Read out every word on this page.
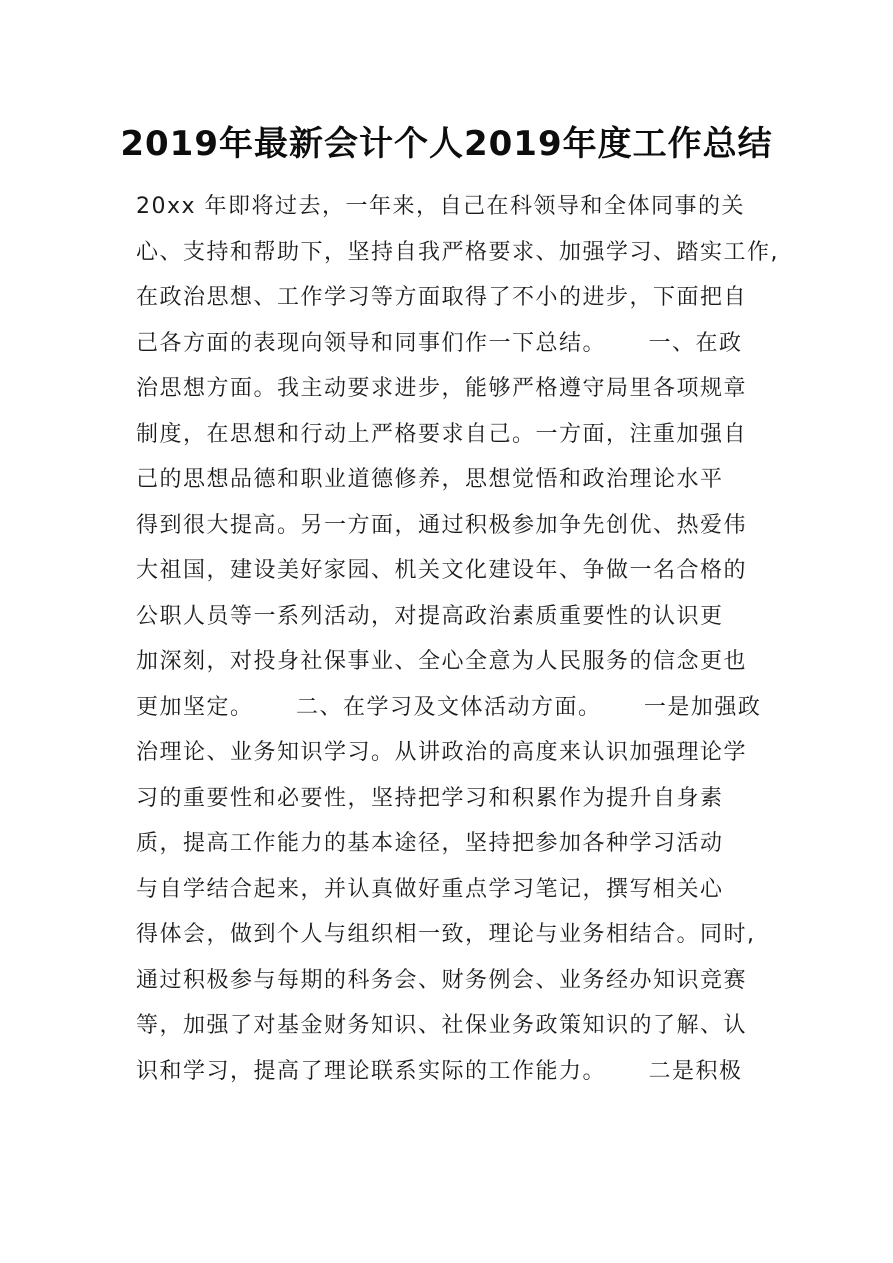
2019年最新会计个人2019年度工作总结
20xx 年即将过去，一年来，自己在科领导和全体同事的关
心、支持和帮助下，坚持自我严格要求、加强学习、踏实工作,
在政治思想、工作学习等方面取得了不小的进步，下面把自
己各方面的表现向领导和同事们作一下总结。     一、在政
治思想方面。我主动要求进步，能够严格遵守局里各项规章
制度，在思想和行动上严格要求自己。一方面，注重加强自
己的思想品德和职业道德修养，思想觉悟和政治理论水平
得到很大提高。另一方面，通过积极参加争先创优、热爱伟
大祖国，建设美好家园、机关文化建设年、争做一名合格的
公职人员等一系列活动，对提高政治素质重要性的认识更
加深刻，对投身社保事业、全心全意为人民服务的信念更也
更加坚定。     二、在学习及文体活动方面。     一是加强政
治理论、业务知识学习。从讲政治的高度来认识加强理论学
习的重要性和必要性，坚持把学习和积累作为提升自身素
质，提高工作能力的基本途径，坚持把参加各种学习活动
与自学结合起来，并认真做好重点学习笔记，撰写相关心
得体会，做到个人与组织相一致，理论与业务相结合。同时,
通过积极参与每期的科务会、财务例会、业务经办知识竞赛
等，加强了对基金财务知识、社保业务政策知识的了解、认
识和学习，提高了理论联系实际的工作能力。     二是积极
